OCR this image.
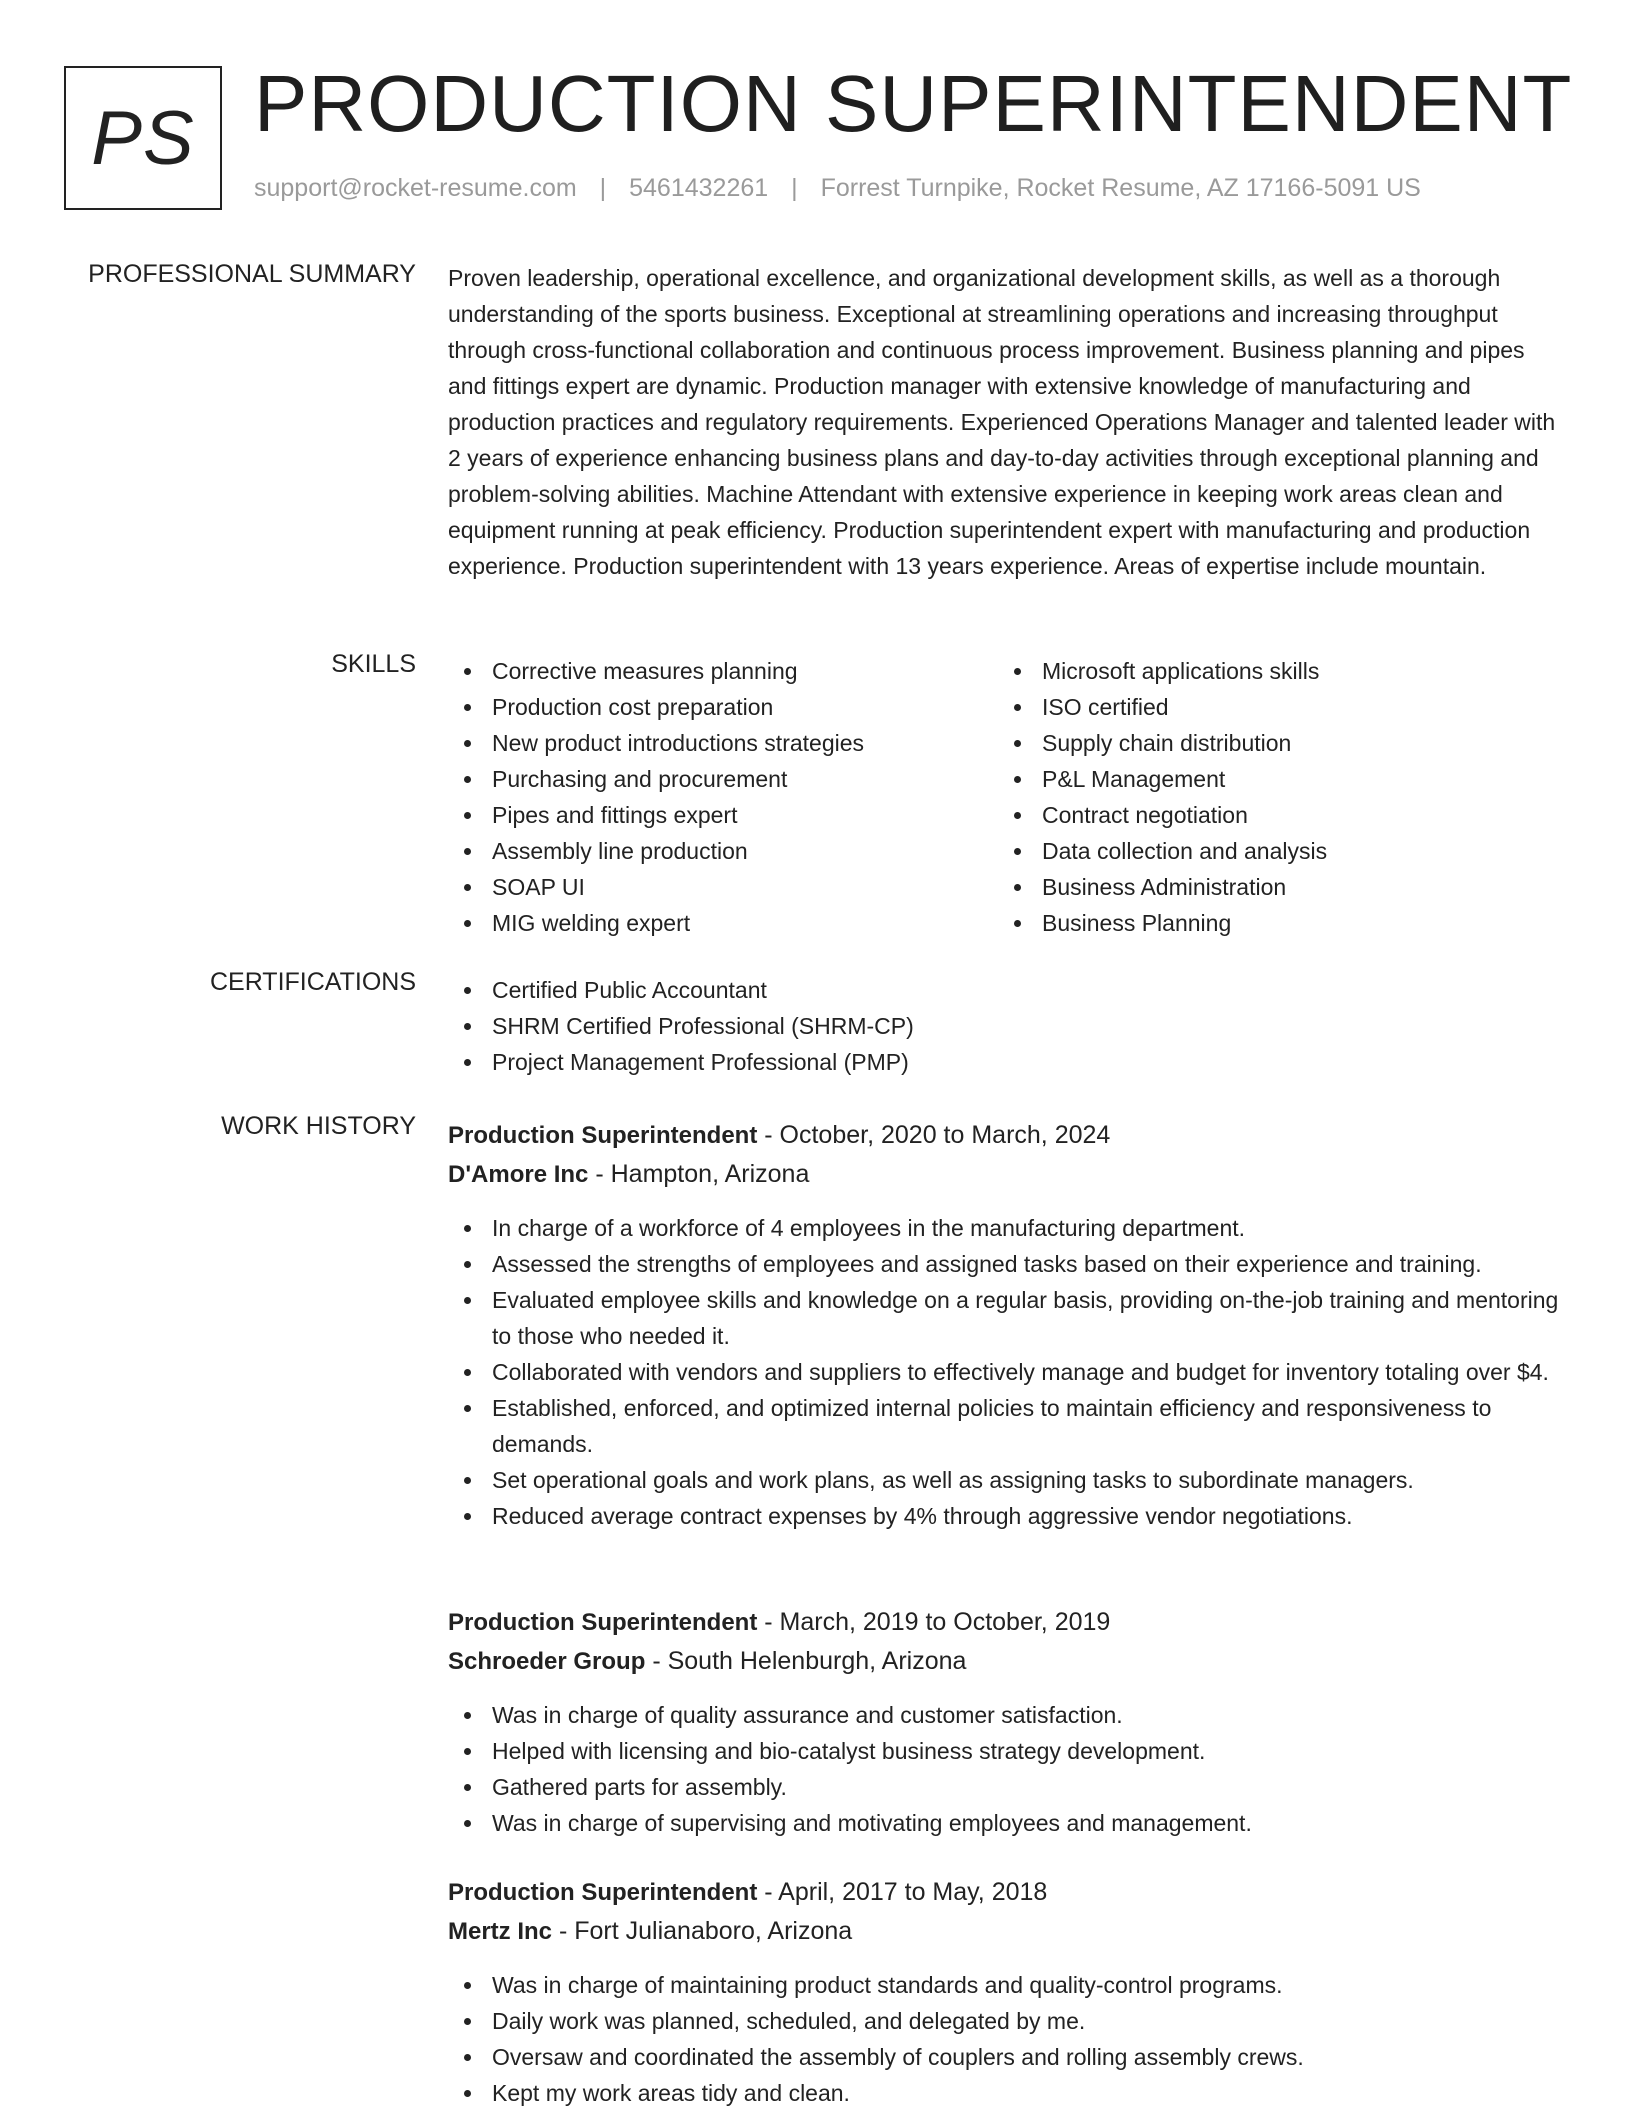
PS PRODUCTION SUPERINTENDENT
support@rocket-resume.com | 5461432261 | Forrest Turnpike, Rocket Resume, AZ 17166-5091 US
PROFESSIONAL SUMMARY Proven leadership, operational excellence, and organizational development skills, as well as a thorough understanding of the sports business. Exceptional at streamlining operations and increasing throughput through cross-functional collaboration and continuous process improvement. Business planning and pipes and fittings expert are dynamic. Production manager with extensive knowledge of manufacturing and production practices and regulatory requirements. Experienced Operations Manager and talented leader with 2 years of experience enhancing business plans and day-to-day activities through exceptional planning and problem-solving abilities. Machine Attendant with extensive experience in keeping work areas clean and equipment running at peak efficiency. Production superintendent expert with manufacturing and production experience. Production superintendent with 13 years experience. Areas of expertise include mountain.
SKILLS	Corrective measures planning
Production cost preparation
New product introductions strategies
Purchasing and procurement
Pipes and fittings expert
Assembly line production
SOAP UI
MIG welding expert
Microsoft applications skills
ISO certified
Supply chain distribution
P&L Management
Contract negotiation
Data collection and analysis
Business Administration
Business Planning
CERTIFICATIONS	Certified Public Accountant
SHRM Certified Professional (SHRM-CP)
Project Management Professional (PMP)
WORK HISTORY Production Superintendent - October, 2020 to March, 2024
D'Amore Inc - Hampton, Arizona
In charge of a workforce of 4 employees in the manufacturing department.
Assessed the strengths of employees and assigned tasks based on their experience and training.
Evaluated employee skills and knowledge on a regular basis, providing on-the-job training and mentoring to those who needed it.
Collaborated with vendors and suppliers to effectively manage and budget for inventory totaling over $4.
Established, enforced, and optimized internal policies to maintain efficiency and responsiveness to demands.
Set operational goals and work plans, as well as assigning tasks to subordinate managers.
Reduced average contract expenses by 4% through aggressive vendor negotiations.
Production Superintendent - March, 2019 to October, 2019
Schroeder Group - South Helenburgh, Arizona
Was in charge of quality assurance and customer satisfaction.
Helped with licensing and bio-catalyst business strategy development.
Gathered parts for assembly.
Was in charge of supervising and motivating employees and management.
Production Superintendent - April, 2017 to May, 2018
Mertz Inc - Fort Julianaboro, Arizona
Was in charge of maintaining product standards and quality-control programs.
Daily work was planned, scheduled, and delegated by me.
Oversaw and coordinated the assembly of couplers and rolling assembly crews.
Kept my work areas tidy and clean.
